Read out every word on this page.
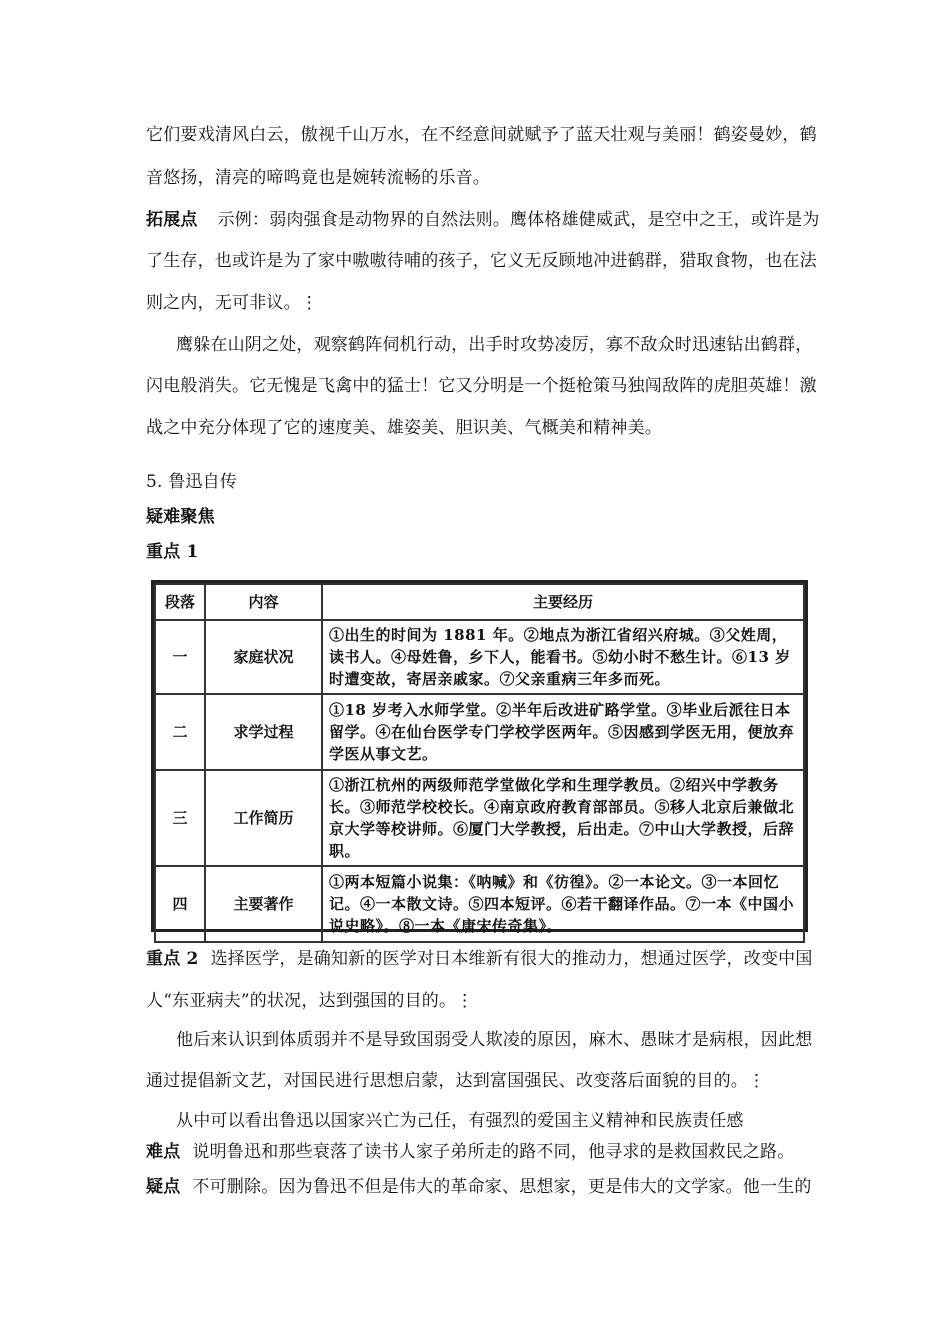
它们要戏清风白云，傲视千山万水，在不经意间就赋予了蓝天壮观与美丽！鹤姿曼妙，鹤
音悠扬，清亮的啼鸣竟也是婉转流畅的乐音。
拓展点 示例：弱肉强食是动物界的自然法则。鹰体格雄健威武，是空中之王，或许是为
了生存，也或许是为了家中嗷嗷待哺的孩子，它义无反顾地冲进鹤群，猎取食物，也在法
则之内，无可非议。⋮
鹰躲在山阴之处，观察鹤阵伺机行动，出手时攻势凌厉，寡不敌众时迅速钻出鹤群，
闪电般消失。它无愧是飞禽中的猛士！它又分明是一个挺枪策马独闯敌阵的虎胆英雄！激
战之中充分体现了它的速度美、雄姿美、胆识美、气概美和精神美。
5. 鲁迅自传
疑难聚焦
重点 1
段落	内容	主要经历
一	家庭状况	①出生的时间为 1881 年。②地点为浙江省绍兴府城。③父姓周，读书人。④母姓鲁，乡下人，能看书。⑤幼小时不愁生计。⑥13 岁时遭变故，寄居亲戚家。⑦父亲重病三年多而死。
二	求学过程	①18 岁考入水师学堂。②半年后改进矿路学堂。③毕业后派往日本留学。④在仙台医学专门学校学医两年。⑤因感到学医无用，便放弃学医从事文艺。
三	工作简历	①浙江杭州的两级师范学堂做化学和生理学教员。②绍兴中学教务长。③师范学校校长。④南京政府教育部部员。⑤移人北京后兼做北京大学等校讲师。⑥厦门大学教授，后出走。⑦中山大学教授，后辞职。
四	主要著作	①两本短篇小说集：《呐喊》和《彷徨》。②一本论文。③一本回忆记。④一本散文诗。⑤四本短评。⑥若干翻译作品。⑦一本《中国小说史略》。⑧一本《唐宋传奇集》。
重点 2 选择医学，是确知新的医学对日本维新有很大的推动力，想通过医学，改变中国
人“东亚病夫”的状况，达到强国的目的。⋮
他后来认识到体质弱并不是导致国弱受人欺凌的原因，麻木、愚昧才是病根，因此想
通过提倡新文艺，对国民进行思想启蒙，达到富国强民、改变落后面貌的目的。⋮
从中可以看出鲁迅以国家兴亡为己任，有强烈的爱国主义精神和民族责任感
难点 说明鲁迅和那些衰落了读书人家子弟所走的路不同，他寻求的是救国救民之路。
疑点 不可删除。因为鲁迅不但是伟大的革命家、思想家，更是伟大的文学家。他一生的
